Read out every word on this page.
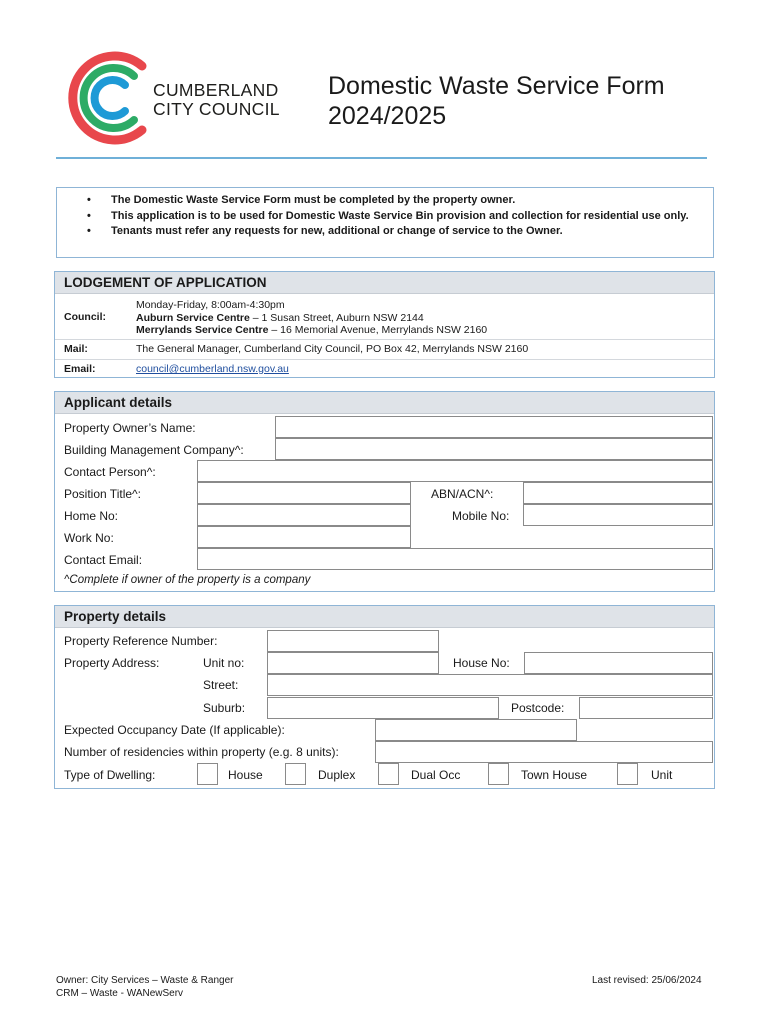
CUMBERLAND
CITY COUNCIL
Domestic Waste Service Form
2024/2025
• The Domestic Waste Service Form must be completed by the property owner.
• This application is to be used for Domestic Waste Service Bin provision and collection for residential use only.
• Tenants must refer any requests for new, additional or change of service to the Owner.
LODGEMENT OF APPLICATION
Council:
Monday-Friday, 8:00am-4:30pm
Auburn Service Centre – 1 Susan Street, Auburn NSW 2144
Merrylands Service Centre – 16 Memorial Avenue, Merrylands NSW 2160
Mail:	The General Manager, Cumberland City Council, PO Box 42, Merrylands NSW 2160
Email:	council@cumberland.nsw.gov.au
Applicant details
Property Owner’s Name:
Building Management Company^:
Contact Person^:
Position Title^:	ABN/ACN^:
Home No:	Mobile No:
Work No:
Contact Email:
^Complete if owner of the property is a company
Property details
Property Reference Number:
Property Address:	Unit no:	House No:
Street:
Suburb:	Postcode:
Expected Occupancy Date (If applicable):
Number of residencies within property (e.g. 8 units):
Type of Dwelling:	House	Duplex	Dual Occ	Town House	Unit
Owner: City Services – Waste & Ranger
CRM – Waste - WANewServ
Last revised: 25/06/2024
